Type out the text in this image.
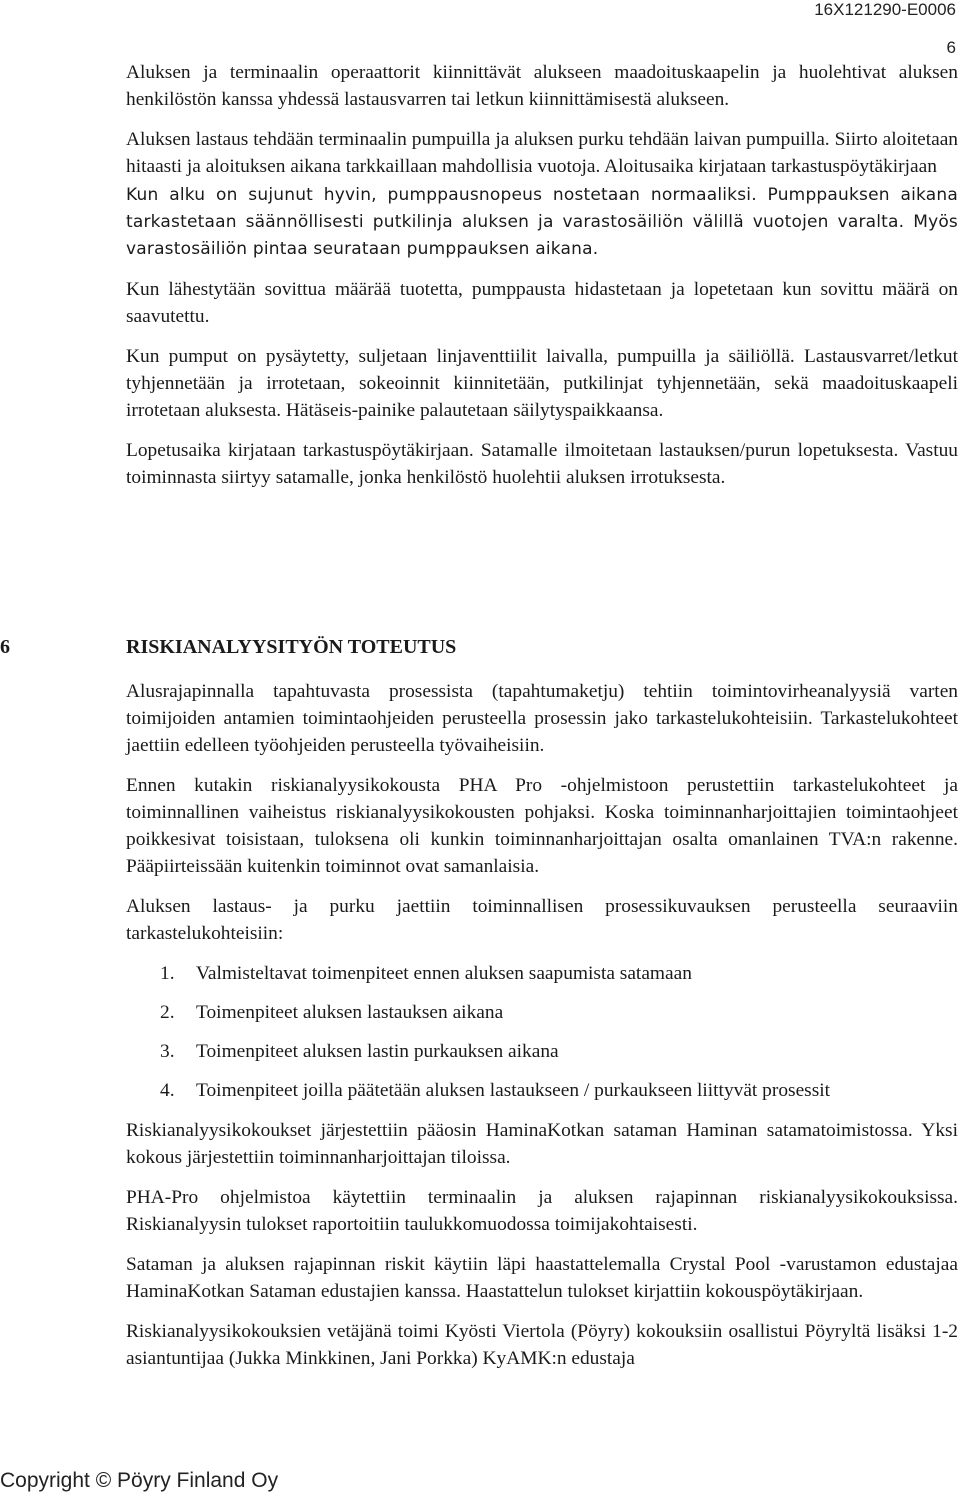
16X121290-E0006
6

Aluksen ja terminaalin operaattorit kiinnittävät alukseen maadoituskaapelin ja huolehtivat aluksen henkilöstön kanssa yhdessä lastausvarren tai letkun kiinnittämisestä alukseen.

Aluksen lastaus tehdään terminaalin pumpuilla ja aluksen purku tehdään laivan pumpuilla. Siirto aloitetaan hitaasti ja aloituksen aikana tarkkaillaan mahdollisia vuotoja. Aloitusaika kirjataan tarkastuspöytäkirjaan

Kun alku on sujunut hyvin, pumppausnopeus nostetaan normaaliksi. Pumppauksen aikana tarkastetaan säännöllisesti putkilinja aluksen ja varastosäiliön välillä vuotojen varalta. Myös varastosäiliön pintaa seurataan pumppauksen aikana.

Kun lähestytään sovittua määrää tuotetta, pumppausta hidastetaan ja lopetetaan kun sovittu määrä on saavutettu.

Kun pumput on pysäytetty, suljetaan linjaventtiilit laivalla, pumpuilla ja säiliöllä. Lastausvarret/letkut tyhjennetään ja irrotetaan, sokeoinnit kiinnitetään, putkilinjat tyhjennetään, sekä maadoituskaapeli irrotetaan aluksesta. Hätäseis-painike palautetaan säilytyspaikkaansa.

Lopetusaika kirjataan tarkastuspöytäkirjaan. Satamalle ilmoitetaan lastauksen/purun lopetuksesta. Vastuu toiminnasta siirtyy satamalle, jonka henkilöstö huolehtii aluksen irrotuksesta.

6	RISKIANALYYSITYÖN TOTEUTUS

Alusrajapinnalla tapahtuvasta prosessista (tapahtumaketju) tehtiin toimintovirheanalyysiä varten toimijoiden antamien toimintaohjeiden perusteella prosessin jako tarkastelukohteisiin. Tarkastelukohteet jaettiin edelleen työohjeiden perusteella työvaiheisiin.

Ennen kutakin riskianalyysikokousta PHA Pro -ohjelmistoon perustettiin tarkastelukohteet ja toiminnallinen vaiheistus riskianalyysikokousten pohjaksi. Koska toiminnanharjoittajien toimintaohjeet poikkesivat toisistaan, tuloksena oli kunkin toiminnanharjoittajan osalta omanlainen TVA:n rakenne. Pääpiirteissään kuitenkin toiminnot ovat samanlaisia.

Aluksen lastaus- ja purku jaettiin toiminnallisen prosessikuvauksen perusteella seuraaviin tarkastelukohteisiin:

1. Valmisteltavat toimenpiteet ennen aluksen saapumista satamaan
2. Toimenpiteet aluksen lastauksen aikana
3. Toimenpiteet aluksen lastin purkauksen aikana
4. Toimenpiteet joilla päätetään aluksen lastaukseen / purkaukseen liittyvät prosessit

Riskianalyysikokoukset järjestettiin pääosin HaminaKotkan sataman Haminan satamatoimistossa. Yksi kokous järjestettiin toiminnanharjoittajan tiloissa.

PHA-Pro ohjelmistoa käytettiin terminaalin ja aluksen rajapinnan riskianalyysikokouksissa. Riskianalyysin tulokset raportoitiin taulukkomuodossa toimijakohtaisesti.

Sataman ja aluksen rajapinnan riskit käytiin läpi haastattelemalla Crystal Pool -varustamon edustajaa HaminaKotkan Sataman edustajien kanssa. Haastattelun tulokset kirjattiin kokouspöytäkirjaan.

Riskianalyysikokouksien vetäjänä toimi Kyösti Viertola (Pöyry) kokouksiin osallistui Pöyryltä lisäksi 1-2 asiantuntijaa (Jukka Minkkinen, Jani Porkka) KyAMK:n edustaja

Copyright © Pöyry Finland Oy
